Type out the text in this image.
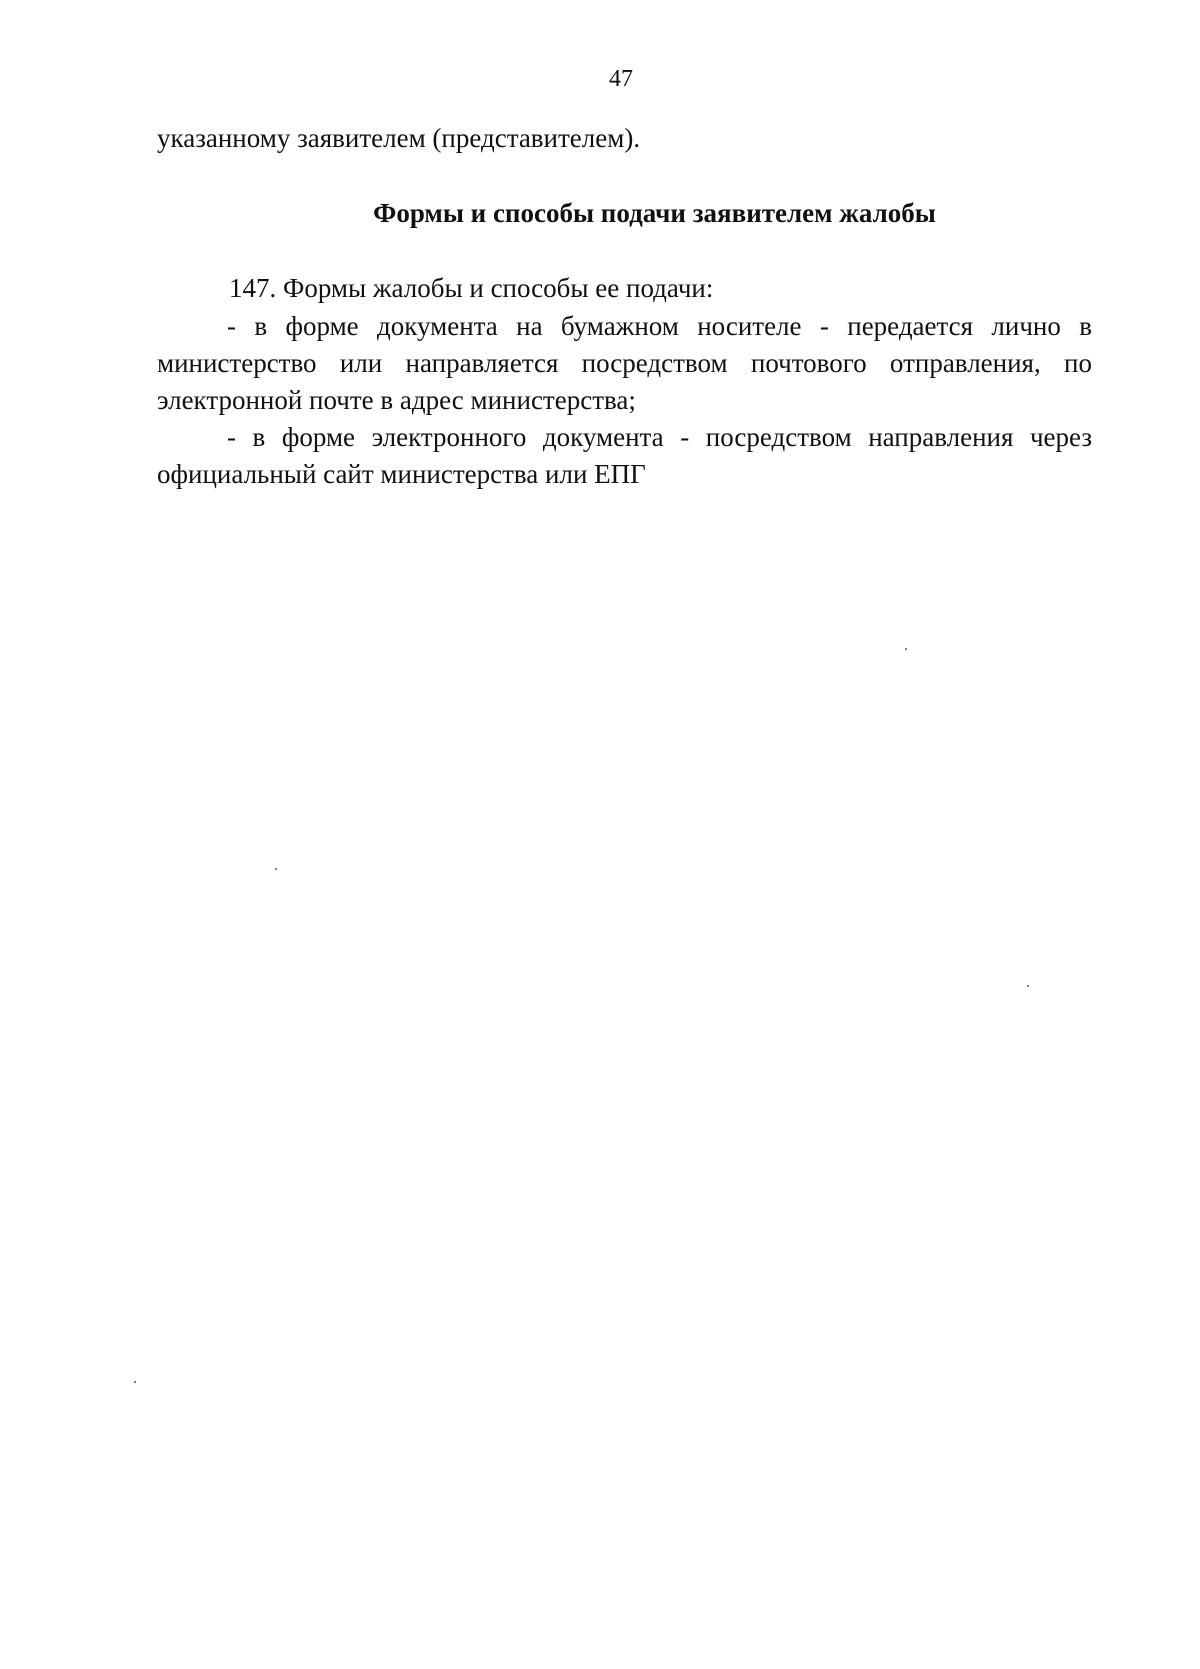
47
указанному заявителем (представителем).
Формы и способы подачи заявителем жалобы

147. Формы жалобы и способы ее подачи:

- в форме документа на бумажном носителе - передается лично в министерство или направляется посредством почтового отправления, по электронной почте в адрес министерства;

- в форме электронного документа - посредством направления через официальный сайт министерства или ЕПГ
